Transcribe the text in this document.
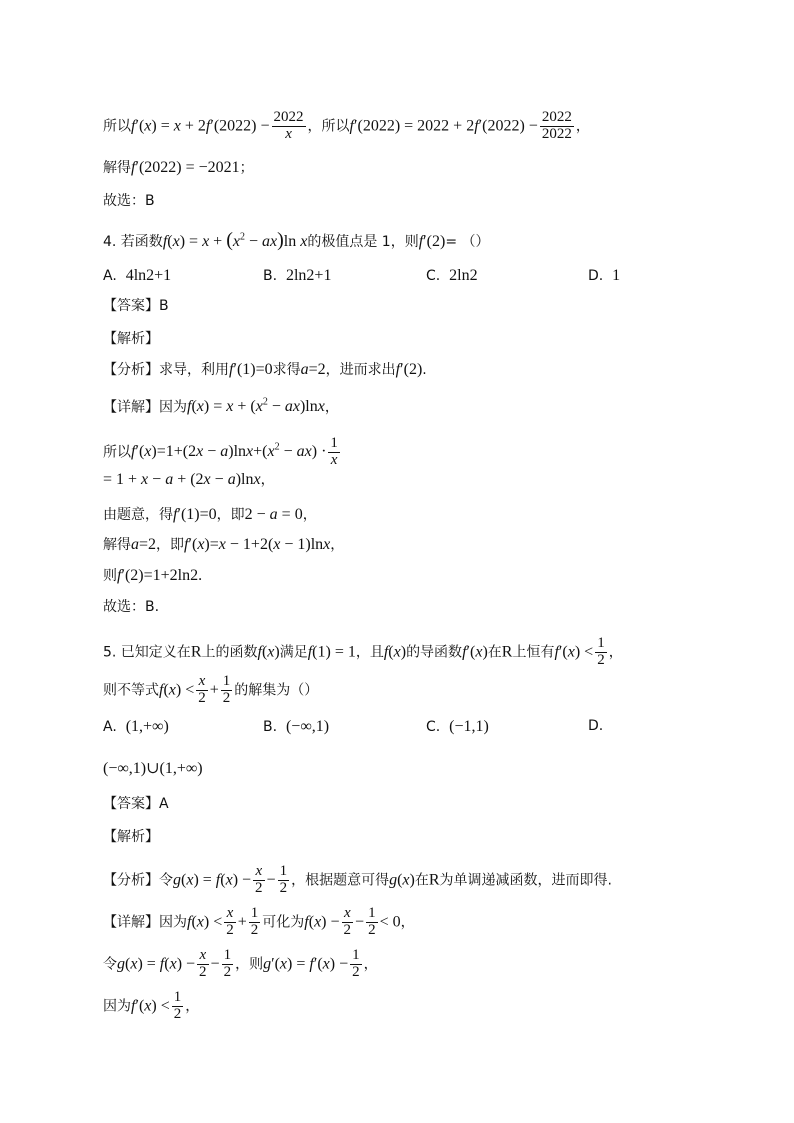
所以$f'(x) = x + 2f'(2022) - \frac{2022}{x}$ ，所以$f'(2022) = 2022 + 2f'(2022) - \frac{2022}{2022}$ ，
解得f′(2022) = −2021；
故选：B
4. 若函数$f(x) = x + (x^2 - ax)\ln$ x的极值点是 1，则f′(2)= （）
A. 4ln2+1	B. 2ln2+1	C. 2ln2	D. 1
【答案】B
【解析】
【分析】求导，利用f′(1)=0求得a=2，进而求出f′(2).
【详解】因为$f(x) = x + (x^2 - ax)\ln x$，
所以$f'(x)=1+(2x - a)\ln x+(x^2 - ax) \cdot \frac{1}{x}$
= 1 + x − a + (2x − a)lnx，
由题意，得f′(1)=0，即2 − a = 0，
解得a=2，即f′(x)=x − 1+2(x − 1)lnx，
则f′(2)=1+2ln2.
故选：B.
5. 已知定义在R上的函数f(x)满足f(1) = 1，且f(x)的导函数f′(x)在R上恒有$f'(x) < \frac{1}{2}$ ，
则不等式$f(x) < \frac{x}{2} + \frac{1}{2}$ 的解集为（）
A. (1,+∞)	B. (−∞,1)	C. (−1,1)	D.
(−∞,1)∪(1,+∞)
【答案】A
【解析】
【分析】令$g(x) = f(x) - \frac{x}{2} - \frac{1}{2}$ ，根据题意可得g(x)在R为单调递减函数，进而即得.
【详解】因为$f(x) < \frac{x}{2} + \frac{1}{2}$ 可化为$f(x) - \frac{x}{2} - \frac{1}{2} < 0$，
令$g(x) = f(x) - \frac{x}{2} - \frac{1}{2}$ ，则$g'(x) = f'(x) - \frac{1}{2}$ ，
因为$f'(x) < \frac{1}{2}$ ，
